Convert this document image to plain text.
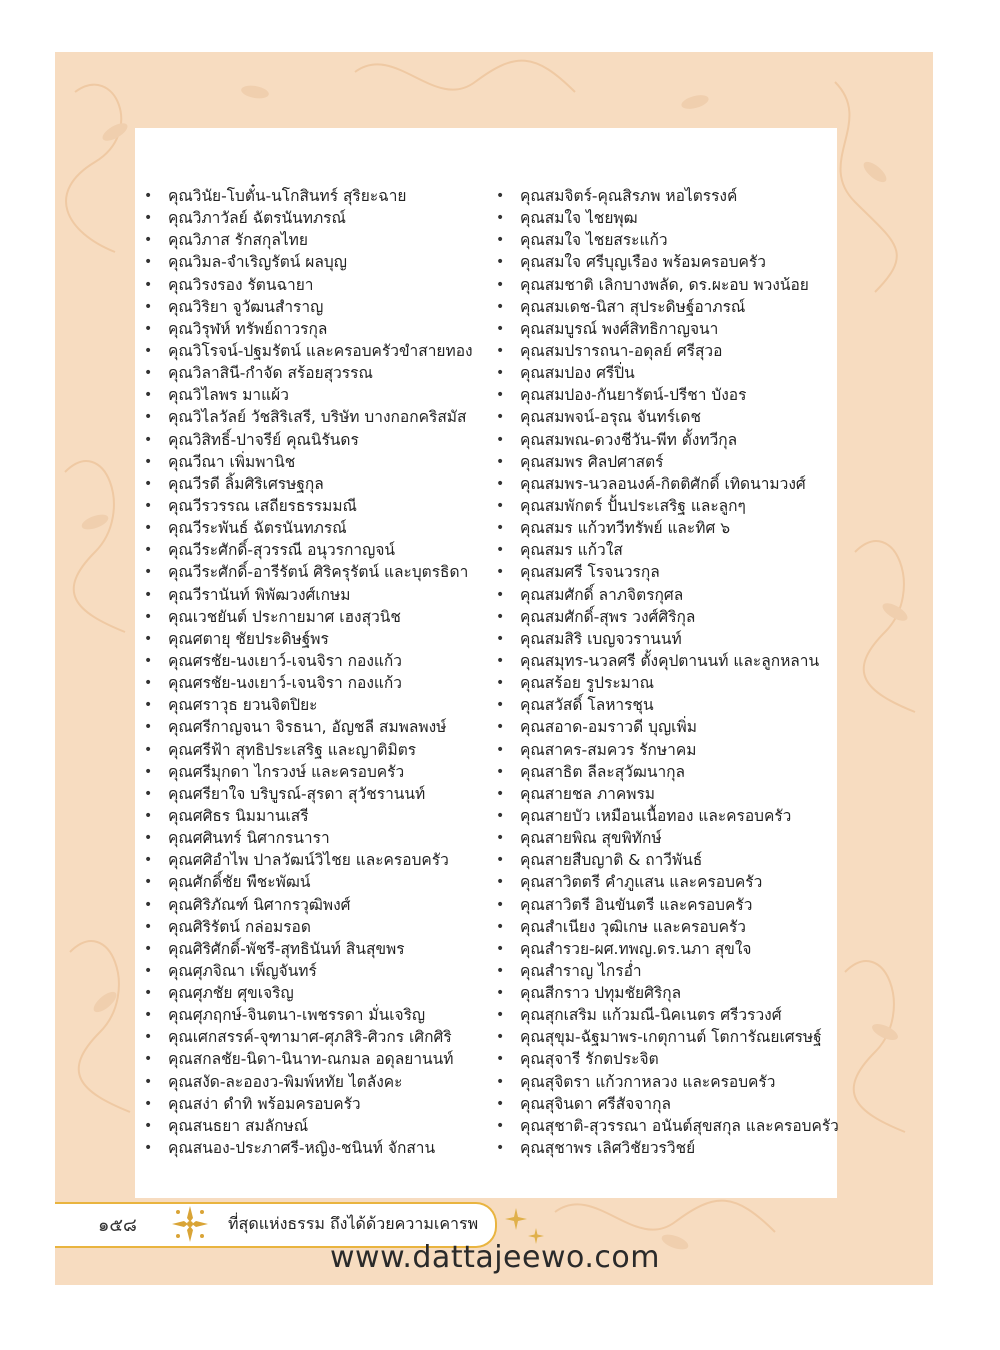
• คุณวินัย-โบตั๋น-นโกสินทร์ สุริยะฉาย
• คุณวิภาวัลย์ ฉัตรนันทภรณ์
• คุณวิภาส รักสกุลไทย
• คุณวิมล-จำเริญรัตน์ ผลบุญ
• คุณวิรงรอง รัตนฉายา
• คุณวิริยา จูวัฒนสำราญ
• คุณวิรุฬห์ ทรัพย์ถาวรกุล
• คุณวิโรจน์-ปฐมรัตน์ และครอบครัวขำสายทอง
• คุณวิลาสินี-กำจัด สร้อยสุวรรณ
• คุณวิไลพร มาแผ้ว
• คุณวิไลวัลย์ วัชสิริเสรี, บริษัท บางกอกคริสมัส
• คุณวิสิทธิ์-ปาจรีย์ คุณนิรันดร
• คุณวีณา เพิ่มพานิช
• คุณวีรดี ลิ้มศิริเศรษฐกุล
• คุณวีรวรรณ เสถียรธรรมมณี
• คุณวีระพันธ์ ฉัตรนันทภรณ์
• คุณวีระศักดิ์-สุวรรณี อนุวรกาญจน์
• คุณวีระศักดิ์-อารีรัตน์ ศิริครุรัตน์ และบุตรธิดา
• คุณวีรานันท์ พิพัฒวงศ์เกษม
• คุณเวชยันต์ ประกายมาศ เฮงสุวนิช
• คุณศตายุ ชัยประดิษฐ์พร
• คุณศรชัย-นงเยาว์-เจนจิรา กองแก้ว
• คุณศรชัย-นงเยาว์-เจนจิรา กองแก้ว
• คุณศราวุธ ยวนจิตปิยะ
• คุณศรีกาญจนา จิรธนา, อัญชลี สมพลพงษ์
• คุณศรีฟ้า สุทธิประเสริฐ และญาติมิตร
• คุณศรีมุกดา ไกรวงษ์ และครอบครัว
• คุณศรียาใจ บริบูรณ์-สุรดา สุวัชรานนท์
• คุณศศิธร นิมมานเสรี
• คุณศศินทร์ นิศากรนารา
• คุณศศิอำไพ ปาลวัฒน์วิไชย และครอบครัว
• คุณศักดิ์ชัย พืชะพัฒน์
• คุณศิริภัณฑ์ นิศากรวุฒิพงศ์
• คุณศิริรัตน์ กล่อมรอด
• คุณศิริศักดิ์-พัชรี-สุทธินันท์ สินสุขพร
• คุณศุภจิณา เพ็ญจันทร์
• คุณศุภชัย ศุขเจริญ
• คุณศุภฤกษ์-จินตนา-เพชรรดา มั่นเจริญ
• คุณเศกสรรค์-จุฑามาศ-ศุภสิริ-ศิวกร เศิกศิริ
• คุณสกลชัย-นิดา-นินาท-ณกมล อดุลยานนท์
• คุณสงัด-ละอองว-พิมพ์หทัย ไตลังคะ
• คุณสง่า ดำทิ พร้อมครอบครัว
• คุณสนธยา สมลักษณ์
• คุณสนอง-ประภาศรี-หญิง-ชนินท์ จักสาน
• คุณสมจิตร์-คุณสิรภพ หอไตรรงค์
• คุณสมใจ ไชยพุฒ
• คุณสมใจ ไชยสระแก้ว
• คุณสมใจ ศรีบุญเรือง พร้อมครอบครัว
• คุณสมชาติ เลิกบางพลัด, ดร.ผะอบ พวงน้อย
• คุณสมเดช-นิสา สุประดิษฐ์อาภรณ์
• คุณสมบูรณ์ พงศ์สิทธิกาญจนา
• คุณสมปรารถนา-อดุลย์ ศรีสุวอ
• คุณสมปอง ศรีปิ่น
• คุณสมปอง-กันยารัตน์-ปรีชา บังอร
• คุณสมพจน์-อรุณ จันทร์เดช
• คุณสมพณ-ดวงชีวัน-พีท ตั้งทวีกุล
• คุณสมพร ศิลปศาสตร์
• คุณสมพร-นวลอนงค์-กิตติศักดิ์ เทิดนามวงศ์
• คุณสมพักตร์ ปั้นประเสริฐ และลูกๆ
• คุณสมร แก้วทวีทรัพย์ และทิศ ๖
• คุณสมร แก้วใส
• คุณสมศรี โรจนวรกุล
• คุณสมศักดิ์ ลาภจิตรกุศล
• คุณสมศักดิ์-สุพร วงศ์ศิริกุล
• คุณสมสิริ เบญจวรานนท์
• คุณสมุทร-นวลศรี ตั้งคุปตานนท์ และลูกหลาน
• คุณสร้อย รูประมาณ
• คุณสวัสดิ์ โลหารชุน
• คุณสอาด-อมราวดี บุญเพิ่ม
• คุณสาคร-สมควร รักษาคม
• คุณสาธิต ลีละสุวัฒนากุล
• คุณสายชล ภาคพรม
• คุณสายบัว เหมือนเนื้อทอง และครอบครัว
• คุณสายพิณ สุขพิทักษ์
• คุณสายสืบญาติ & ถาวีพันธ์
• คุณสาวิตตรี คำภูแสน และครอบครัว
• คุณสาวิตรี อินขันตรี และครอบครัว
• คุณสำเนียง วุฒิเกษ และครอบครัว
• คุณสำรวย-ผศ.ทพญ.ดร.นภา สุขใจ
• คุณสำราญ ไกรอ่ำ
• คุณสีกราว ปทุมชัยศิริกุล
• คุณสุกเสริม แก้วมณี-นิคเนตร ศรีวรวงศ์
• คุณสุขุม-ฉัฐมาพร-เกตุกานต์ โตการัณยเศรษฐ์
• คุณสุจารี รักตประจิต
• คุณสุจิตรา แก้วกาหลวง และครอบครัว
• คุณสุจินดา ศรีสัจจากุล
• คุณสุชาติ-สุวรรณา อนันต์สุขสกุล และครอบครัว
• คุณสุชาพร เลิศวิชัยวรวิชย์
๑๕๘	ที่สุดแห่งธรรม ถึงได้ด้วยความเคารพ
www.dattajeewo.com
